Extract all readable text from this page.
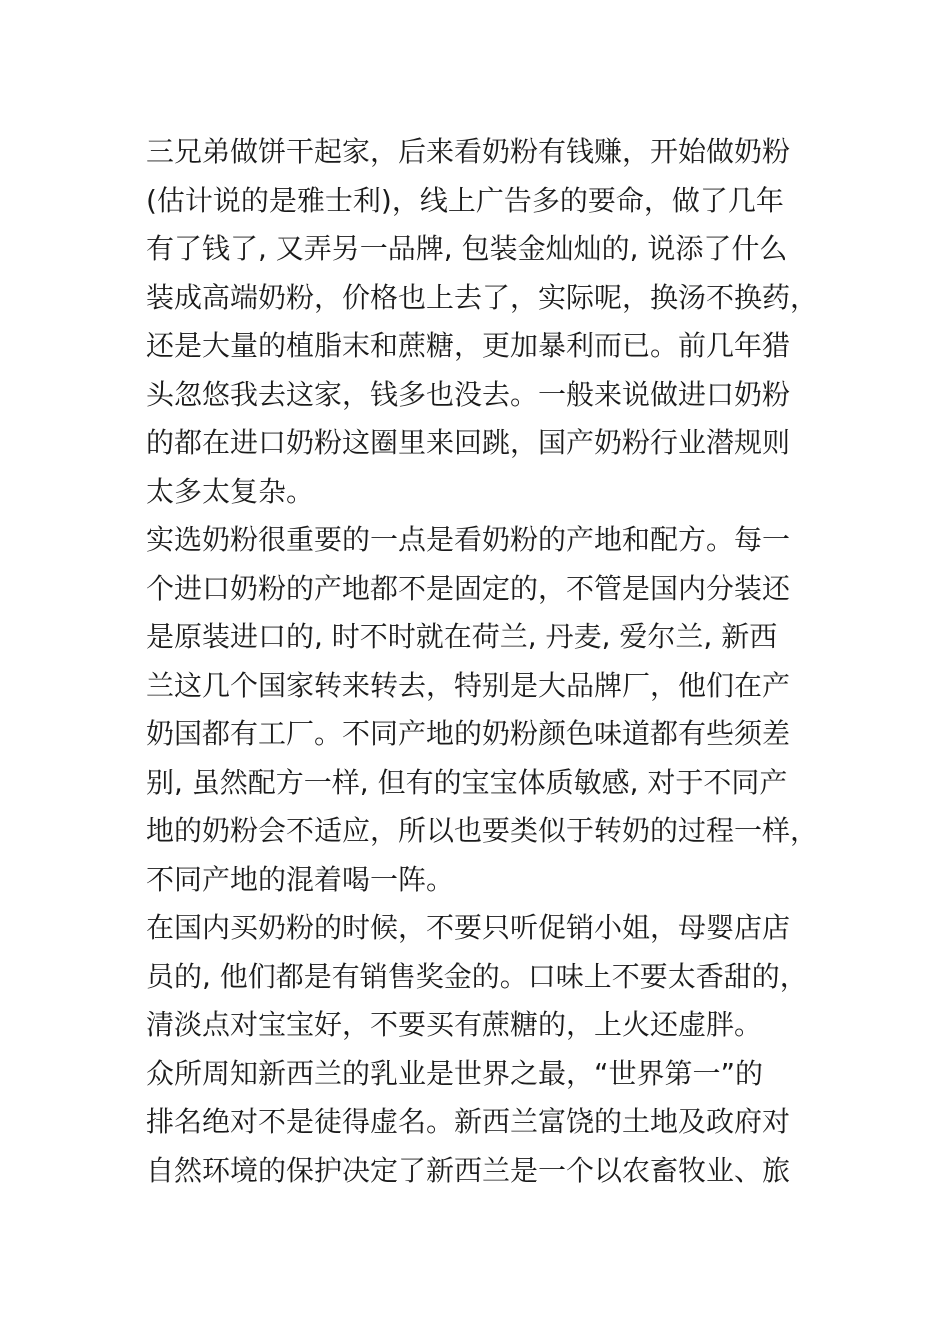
三兄弟做饼干起家，后来看奶粉有钱赚，开始做奶粉
(估计说的是雅士利)，线上广告多的要命，做了几年
有了钱了, 又弄另一品牌, 包装金灿灿的, 说添了什么
装成高端奶粉，价格也上去了，实际呢，换汤不换药，
还是大量的植脂末和蔗糖，更加暴利而已。前几年猎
头忽悠我去这家，钱多也没去。一般来说做进口奶粉
的都在进口奶粉这圈里来回跳，国产奶粉行业潜规则
太多太复杂。
实选奶粉很重要的一点是看奶粉的产地和配方。每一
个进口奶粉的产地都不是固定的，不管是国内分装还
是原装进口的, 时不时就在荷兰, 丹麦, 爱尔兰, 新西
兰这几个国家转来转去，特别是大品牌厂，他们在产
奶国都有工厂。不同产地的奶粉颜色味道都有些须差
别, 虽然配方一样, 但有的宝宝体质敏感, 对于不同产
地的奶粉会不适应，所以也要类似于转奶的过程一样，
不同产地的混着喝一阵。
在国内买奶粉的时候，不要只听促销小姐，母婴店店
员的, 他们都是有销售奖金的。口味上不要太香甜的，
清淡点对宝宝好，不要买有蔗糖的，上火还虚胖。
众所周知新西兰的乳业是世界之最，“世界第一”的
排名绝对不是徒得虚名。新西兰富饶的土地及政府对
自然环境的保护决定了新西兰是一个以农畜牧业、旅
